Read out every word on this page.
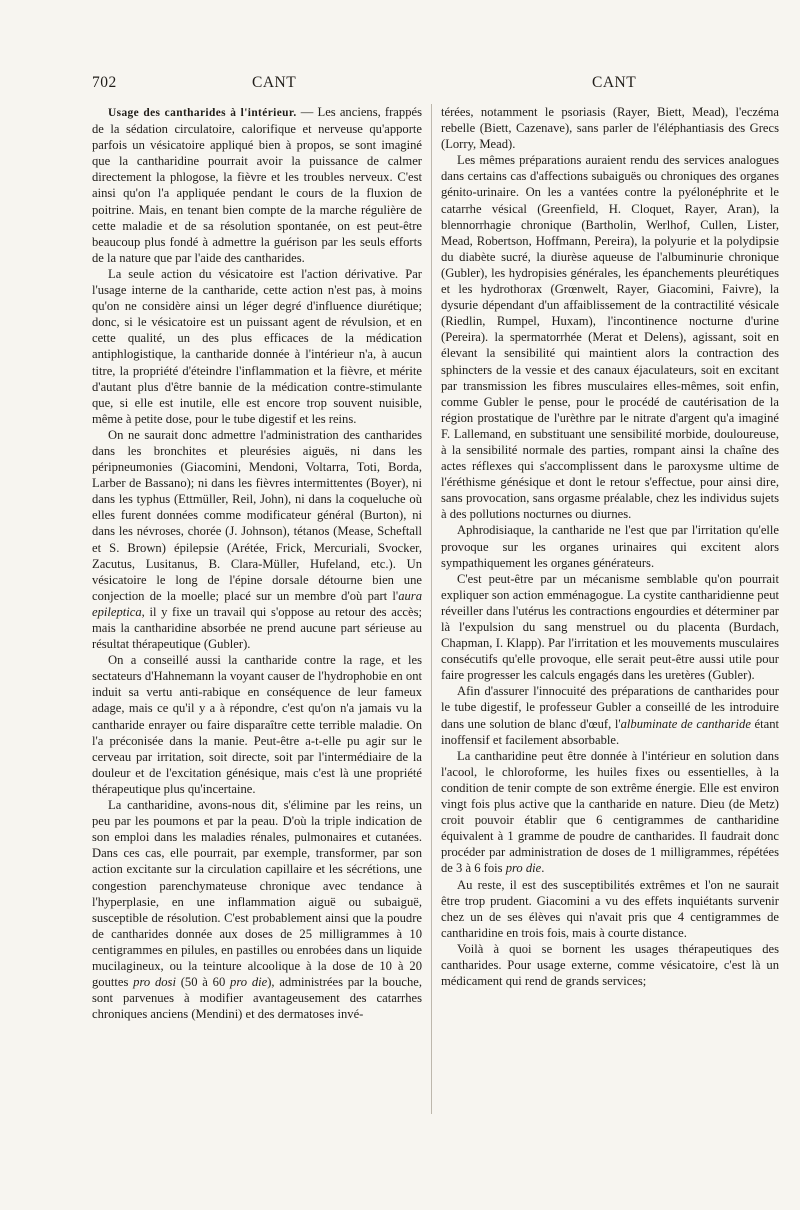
702	CANT	CANT

Usage des cantharides à l'intérieur. — Les anciens, frappés de la sédation circulatoire, calorifique et nerveuse qu'apporte parfois un vésicatoire appliqué bien à propos, se sont imaginé que la cantharidine pourrait avoir la puissance de calmer directement la phlogose, la fièvre et les troubles nerveux. C'est ainsi qu'on l'a appliquée pendant le cours de la fluxion de poitrine. Mais, en tenant bien compte de la marche régulière de cette maladie et de sa résolution spontanée, on est peut-être beaucoup plus fondé à admettre la guérison par les seuls efforts de la nature que par l'aide des cantharides.

La seule action du vésicatoire est l'action dérivative. Par l'usage interne de la cantharide, cette action n'est pas, à moins qu'on ne considère ainsi un léger degré d'influence diurétique; donc, si le vésicatoire est un puissant agent de révulsion, et en cette qualité, un des plus efficaces de la médication antiphlogistique, la cantharide donnée à l'intérieur n'a, à aucun titre, la propriété d'éteindre l'inflammation et la fièvre, et mérite d'autant plus d'être bannie de la médication contre-stimulante que, si elle est inutile, elle est encore trop souvent nuisible, même à petite dose, pour le tube digestif et les reins.

On ne saurait donc admettre l'administration des cantharides dans les bronchites et pleurésies aiguës, ni dans les péripneumonies (Giacomini, Mendoni, Voltarra, Toti, Borda, Larber de Bassano); ni dans les fièvres intermittentes (Boyer), ni dans les typhus (Ettmüller, Reil, John), ni dans la coqueluche où elles furent données comme modificateur général (Burton), ni dans les névroses, chorée (J. Johnson), tétanos (Mease, Scheftall et S. Brown) épilepsie (Arétée, Frick, Mercuriali, Svocker, Zacutus, Lusitanus, B. Clara-Müller, Hufeland, etc.). Un vésicatoire le long de l'épine dorsale détourne bien une conjection de la moelle; placé sur un membre d'où part l'aura epileptica, il y fixe un travail qui s'oppose au retour des accès; mais la cantharidine absorbée ne prend aucune part sérieuse au résultat thérapeutique (Gubler).

On a conseillé aussi la cantharide contre la rage, et les sectateurs d'Hahnemann la voyant causer de l'hydrophobie en ont induit sa vertu anti-rabique en conséquence de leur fameux adage, mais ce qu'il y a à répondre, c'est qu'on n'a jamais vu la cantharide enrayer ou faire disparaître cette terrible maladie. On l'a préconisée dans la manie. Peut-être a-t-elle pu agir sur le cerveau par irritation, soit directe, soit par l'intermédiaire de la douleur et de l'excitation génésique, mais c'est là une propriété thérapeutique plus qu'incertaine.

La cantharidine, avons-nous dit, s'élimine par les reins, un peu par les poumons et par la peau. D'où la triple indication de son emploi dans les maladies rénales, pulmonaires et cutanées. Dans ces cas, elle pourrait, par exemple, transformer, par son action excitante sur la circulation capillaire et les sécrétions, une congestion parenchymateuse chronique avec tendance à l'hyperplasie, en une inflammation aiguë ou subaiguë, susceptible de résolution. C'est probablement ainsi que la poudre de cantharides donnée aux doses de 25 milligrammes à 10 centigrammes en pilules, en pastilles ou enrobées dans un liquide mucilagineux, ou la teinture alcoolique à la dose de 10 à 20 gouttes pro dosi (50 à 60 pro die), administrées par la bouche, sont parvenues à modifier avantageusement des catarrhes chroniques anciens (Mendini) et des dermatoses invé-

térées, notamment le psoriasis (Rayer, Biett, Mead), l'eczéma rebelle (Biett, Cazenave), sans parler de l'éléphantiasis des Grecs (Lorry, Mead).

Les mêmes préparations auraient rendu des services analogues dans certains cas d'affections subaiguës ou chroniques des organes génito-urinaire. On les a vantées contre la pyélonéphrite et le catarrhe vésical (Greenfield, H. Cloquet, Rayer, Aran), la blennorrhagie chronique (Bartholin, Werlhof, Cullen, Lister, Mead, Robertson, Hoffmann, Pereira), la polyurie et la polydipsie du diabète sucré, la diurèse aqueuse de l'albuminurie chronique (Gubler), les hydropisies générales, les épanchements pleurétiques et les hydrothorax (Grœnwelt, Rayer, Giacomini, Faivre), la dysurie dépendant d'un affaiblissement de la contractilité vésicale (Riedlin, Rumpel, Huxam), l'incontinence nocturne d'urine (Pereira). la spermatorrhée (Merat et Delens), agissant, soit en élevant la sensibilité qui maintient alors la contraction des sphincters de la vessie et des canaux éjaculateurs, soit en excitant par transmission les fibres musculaires elles-mêmes, soit enfin, comme Gubler le pense, pour le procédé de cautérisation de la région prostatique de l'urèthre par le nitrate d'argent qu'a imaginé F. Lallemand, en substituant une sensibilité morbide, douloureuse, à la sensibilité normale des parties, rompant ainsi la chaîne des actes réflexes qui s'accomplissent dans le paroxysme ultime de l'éréthisme génésique et dont le retour s'effectue, pour ainsi dire, sans provocation, sans orgasme préalable, chez les individus sujets à des pollutions nocturnes ou diurnes.

Aphrodisiaque, la cantharide ne l'est que par l'irritation qu'elle provoque sur les organes urinaires qui excitent alors sympathiquement les organes générateurs.

C'est peut-être par un mécanisme semblable qu'on pourrait expliquer son action emménagogue. La cystite cantharidienne peut réveiller dans l'utérus les contractions engourdies et déterminer par là l'expulsion du sang menstruel ou du placenta (Burdach, Chapman, I. Klapp). Par l'irritation et les mouvements musculaires consécutifs qu'elle provoque, elle serait peut-être aussi utile pour faire progresser les calculs engagés dans les uretères (Gubler).

Afin d'assurer l'innocuité des préparations de cantharides pour le tube digestif, le professeur Gubler a conseillé de les introduire dans une solution de blanc d'œuf, l'albuminate de cantharide étant inoffensif et facilement absorbable.

La cantharidine peut être donnée à l'intérieur en solution dans l'acool, le chloroforme, les huiles fixes ou essentielles, à la condition de tenir compte de son extrême énergie. Elle est environ vingt fois plus active que la cantharide en nature. Dieu (de Metz) croit pouvoir établir que 6 centigrammes de cantharidine équivalent à 1 gramme de poudre de cantharides. Il faudrait donc procéder par administration de doses de 1 milligrammes, répétées de 3 à 6 fois pro die.

Au reste, il est des susceptibilités extrêmes et l'on ne saurait être trop prudent. Giacomini a vu des effets inquiétants survenir chez un de ses élèves qui n'avait pris que 4 centigrammes de cantharidine en trois fois, mais à courte distance.

Voilà à quoi se bornent les usages thérapeutiques des cantharides. Pour usage externe, comme vésicatoire, c'est là un médicament qui rend de grands services;
